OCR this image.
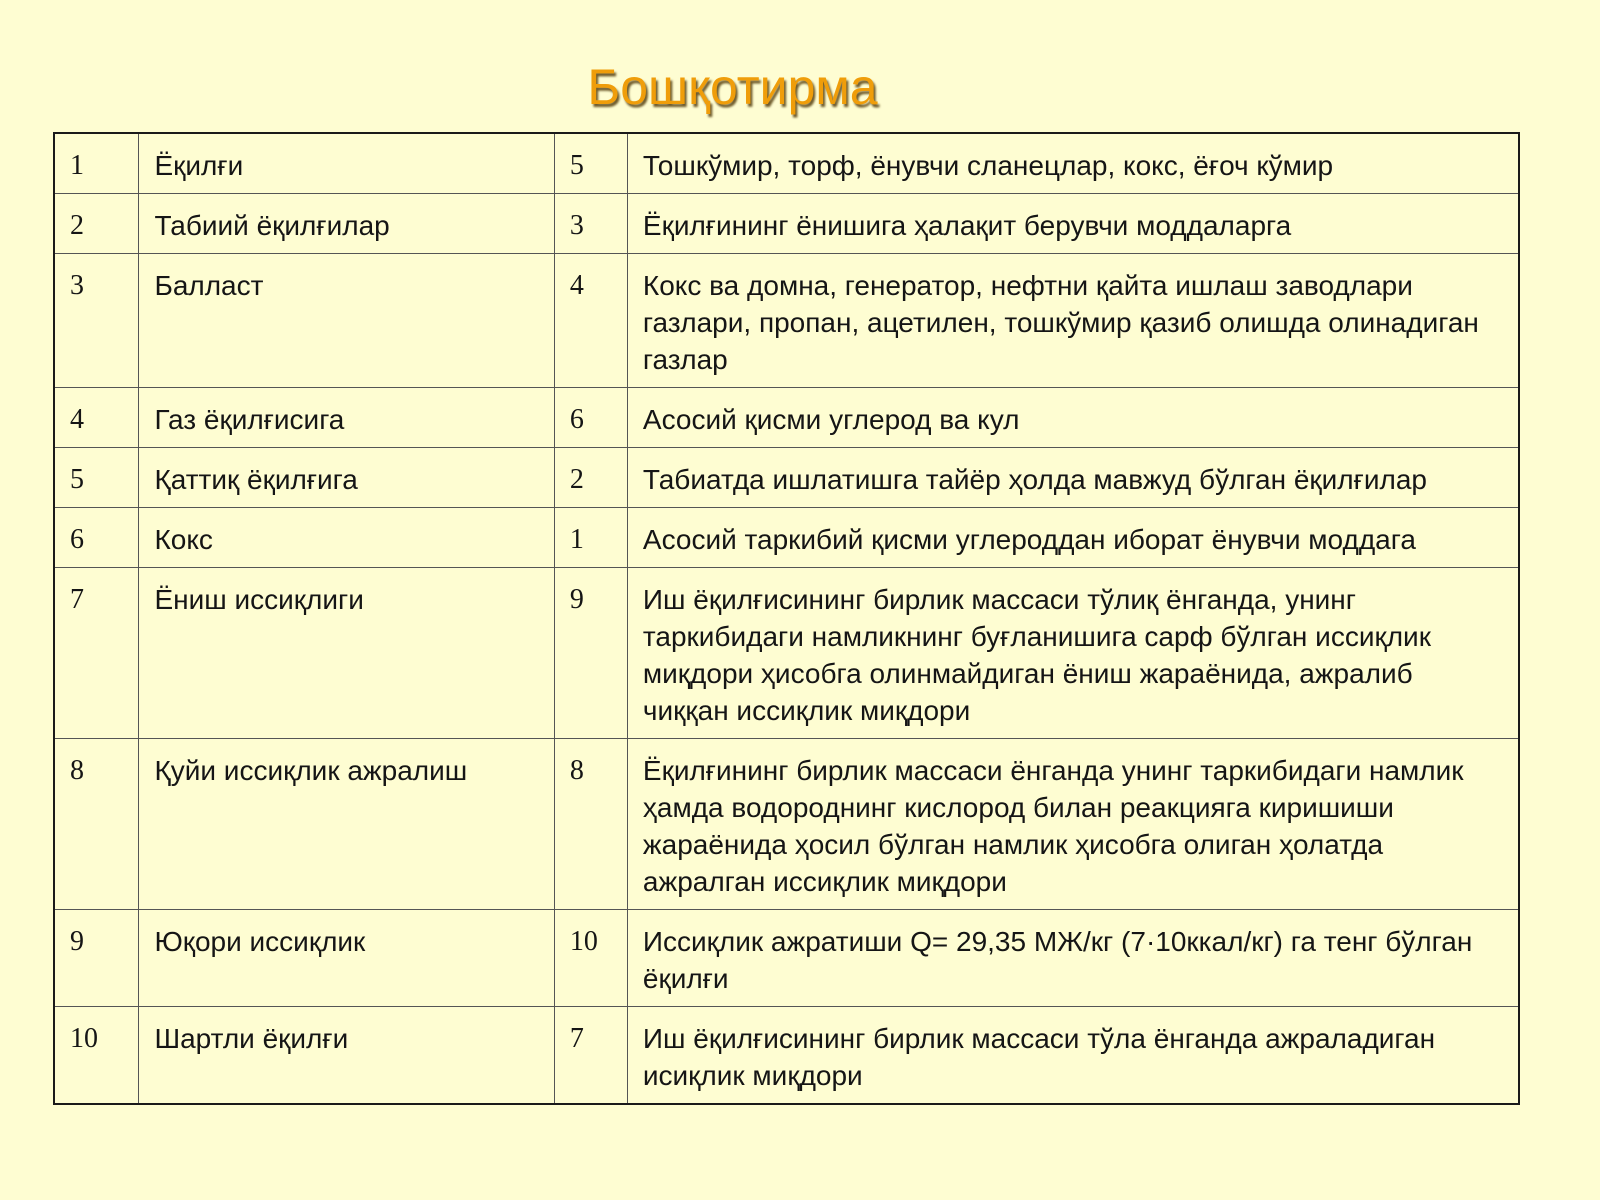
Бошқотирма
1	Ёқилғи	5	Тошкўмир, торф, ёнувчи сланецлар, кокс, ёғоч кўмир
2	Табиий ёқилғилар	3	Ёқилғининг ёнишига ҳалақит берувчи моддаларга
3	Балласт	4	Кокс ва домна, генератор, нефтни қайта ишлаш заводлари газлари, пропан, ацетилен, тошкўмир қазиб олишда олинадиган газлар
4	Газ ёқилғисига	6	Асосий қисми углерод ва кул
5	Қаттиқ ёқилғига	2	Табиатда ишлатишга тайёр ҳолда мавжуд бўлган ёқилғилар
6	Кокс	1	Асосий таркибий қисми углероддан иборат ёнувчи моддага
7	Ёниш иссиқлиги	9	Иш ёқилғисининг бирлик массаси тўлиқ ёнганда, унинг таркибидаги намликнинг буғланишига сарф бўлган иссиқлик миқдори ҳисобга олинмайдиган ёниш жараёнида, ажралиб чиққан иссиқлик миқдори
8	Қуйи иссиқлик ажралиш	8	Ёқилғининг бирлик массаси ёнганда унинг таркибидаги намлик ҳамда водороднинг кислород билан реакцияга киришиши жараёнида ҳосил бўлган намлик ҳисобга олиган ҳолатда ажралган иссиқлик миқдори
9	Юқори иссиқлик	10	Иссиқлик ажратиши Q= 29,35 МЖ/кг (7·10ккал/кг) га тенг бўлган ёқилғи
10	Шартли ёқилғи	7	Иш ёқилғисининг бирлик массаси тўла ёнганда ажраладиган исиқлик миқдори
